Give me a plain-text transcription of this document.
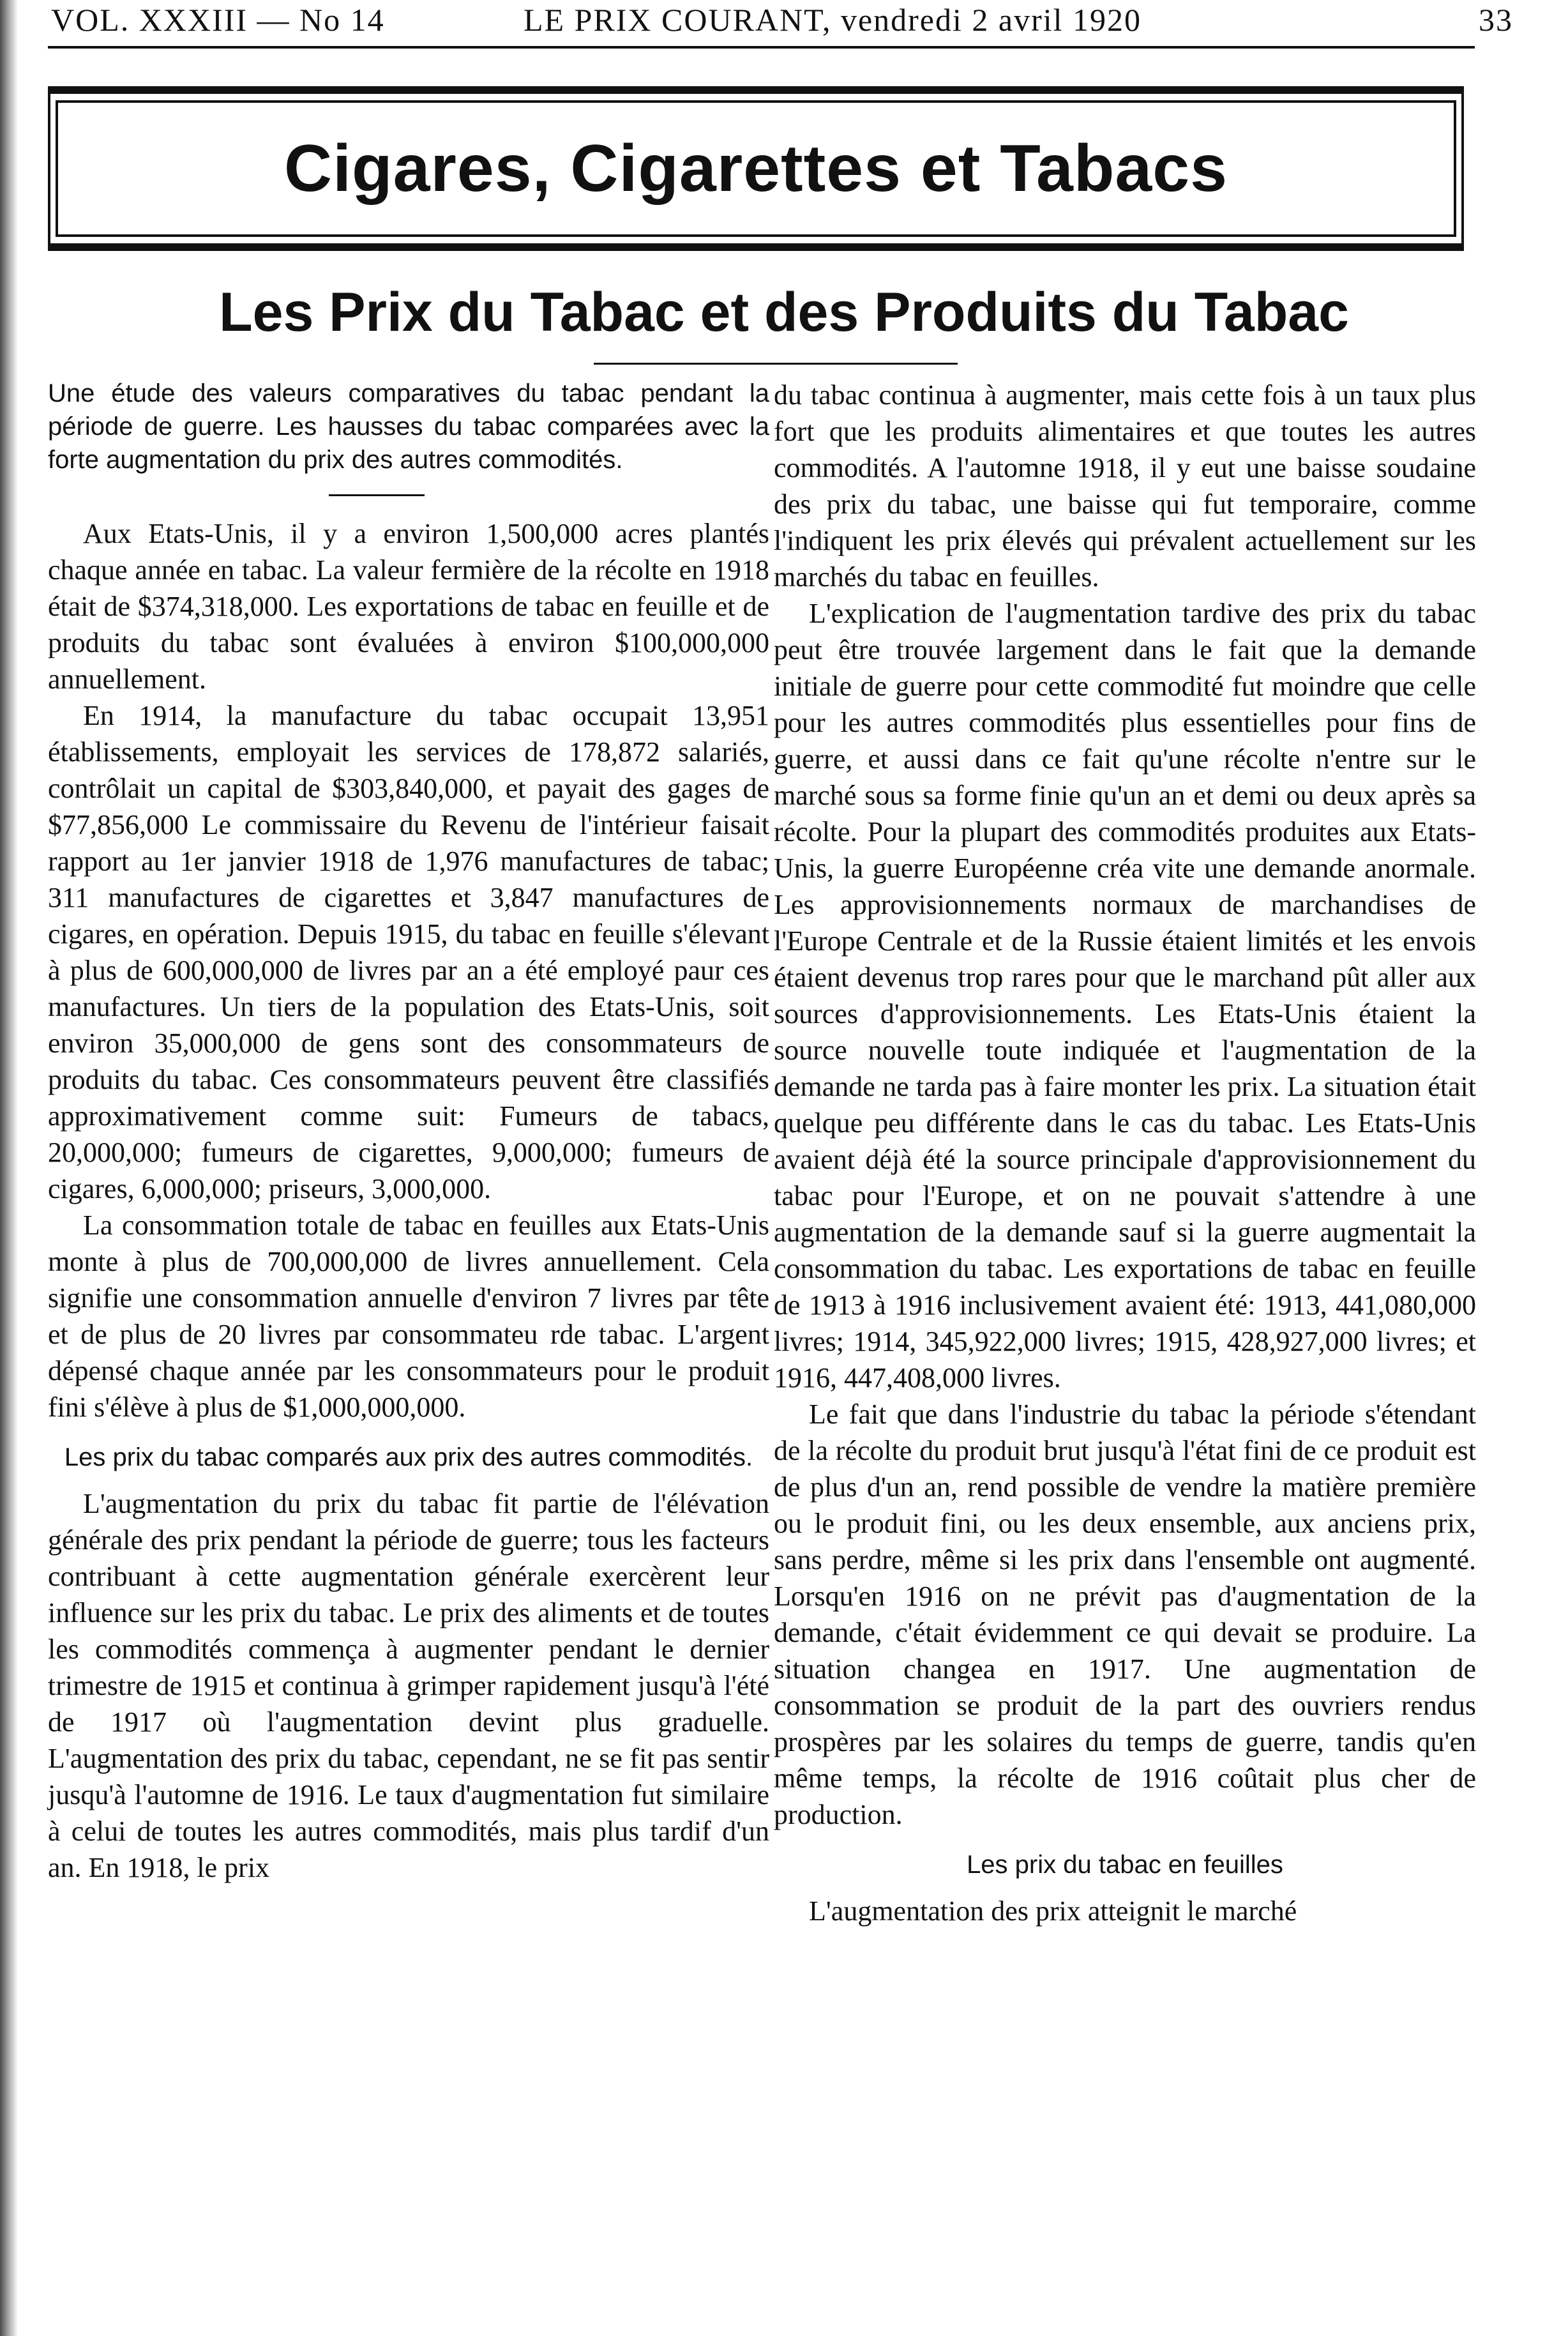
VOL. XXXIII — No 14	LE PRIX COURANT, vendredi 2 avril 1920	33
Cigares, Cigarettes et Tabacs
Les Prix du Tabac et des Produits du Tabac

Une étude des valeurs comparatives du tabac pendant la période de guerre. Les hausses du tabac comparées avec la forte augmentation du prix des autres commodités.

Aux Etats-Unis, il y a environ 1,500,000 acres plantés chaque année en tabac. La valeur fermière de la récolte en 1918 était de $374,318,000. Les exportations de tabac en feuille et de produits du tabac sont évaluées à environ $100,000,000 annuellement.

En 1914, la manufacture du tabac occupait 13,951 établissements, employait les services de 178,872 salariés, contrôlait un capital de $303,840,000, et payait des gages de $77,856,000 Le commissaire du Revenu de l'intérieur faisait rapport au 1er janvier 1918 de 1,976 manufactures de tabac; 311 manufactures de cigarettes et 3,847 manufactures de cigares, en opération. Depuis 1915, du tabac en feuille s'élevant à plus de 600,000,000 de livres par an a été employé paur ces manufactures. Un tiers de la population des Etats-Unis, soit environ 35,000,000 de gens sont des consommateurs de produits du tabac. Ces consommateurs peuvent être classifiés approximativement comme suit: Fumeurs de tabacs, 20,000,000; fumeurs de cigarettes, 9,000,000; fumeurs de cigares, 6,000,000; priseurs, 3,000,000.

La consommation totale de tabac en feuilles aux Etats-Unis monte à plus de 700,000,000 de livres annuellement. Cela signifie une consommation annuelle d'environ 7 livres par tête et de plus de 20 livres par consommateu rde tabac. L'argent dépensé chaque année par les consommateurs pour le produit fini s'élève à plus de $1,000,000,000.

Les prix du tabac comparés aux prix des autres commodités.

L'augmentation du prix du tabac fit partie de l'élévation générale des prix pendant la période de guerre; tous les facteurs contribuant à cette augmentation générale exercèrent leur influence sur les prix du tabac. Le prix des aliments et de toutes les commodités commença à augmenter pendant le dernier trimestre de 1915 et continua à grimper rapidement jusqu'à l'été de 1917 où l'augmentation devint plus graduelle. L'augmentation des prix du tabac, cependant, ne se fit pas sentir jusqu'à l'automne de 1916. Le taux d'augmentation fut similaire à celui de toutes les autres commodités, mais plus tardif d'un an. En 1918, le prix

du tabac continua à augmenter, mais cette fois à un taux plus fort que les produits alimentaires et que toutes les autres commodités. A l'automne 1918, il y eut une baisse soudaine des prix du tabac, une baisse qui fut temporaire, comme l'indiquent les prix élevés qui prévalent actuellement sur les marchés du tabac en feuilles.

L'explication de l'augmentation tardive des prix du tabac peut être trouvée largement dans le fait que la demande initiale de guerre pour cette commodité fut moindre que celle pour les autres commodités plus essentielles pour fins de guerre, et aussi dans ce fait qu'une récolte n'entre sur le marché sous sa forme finie qu'un an et demi ou deux après sa récolte. Pour la plupart des commodités produites aux Etats-Unis, la guerre Européenne créa vite une demande anormale. Les approvisionnements normaux de marchandises de l'Europe Centrale et de la Russie étaient limités et les envois étaient devenus trop rares pour que le marchand pût aller aux sources d'approvisionnements. Les Etats-Unis étaient la source nouvelle toute indiquée et l'augmentation de la demande ne tarda pas à faire monter les prix. La situation était quelque peu différente dans le cas du tabac. Les Etats-Unis avaient déjà été la source principale d'approvisionnement du tabac pour l'Europe, et on ne pouvait s'attendre à une augmentation de la demande sauf si la guerre augmentait la consommation du tabac. Les exportations de tabac en feuille de 1913 à 1916 inclusivement avaient été: 1913, 441,080,000 livres; 1914, 345,922,000 livres; 1915, 428,927,000 livres; et 1916, 447,408,000 livres.

Le fait que dans l'industrie du tabac la période s'étendant de la récolte du produit brut jusqu'à l'état fini de ce produit est de plus d'un an, rend possible de vendre la matière première ou le produit fini, ou les deux ensemble, aux anciens prix, sans perdre, même si les prix dans l'ensemble ont augmenté. Lorsqu'en 1916 on ne prévit pas d'augmentation de la demande, c'était évidemment ce qui devait se produire. La situation changea en 1917. Une augmentation de consommation se produit de la part des ouvriers rendus prospères par les solaires du temps de guerre, tandis qu'en même temps, la récolte de 1916 coûtait plus cher de production.

Les prix du tabac en feuilles

L'augmentation des prix atteignit le marché
